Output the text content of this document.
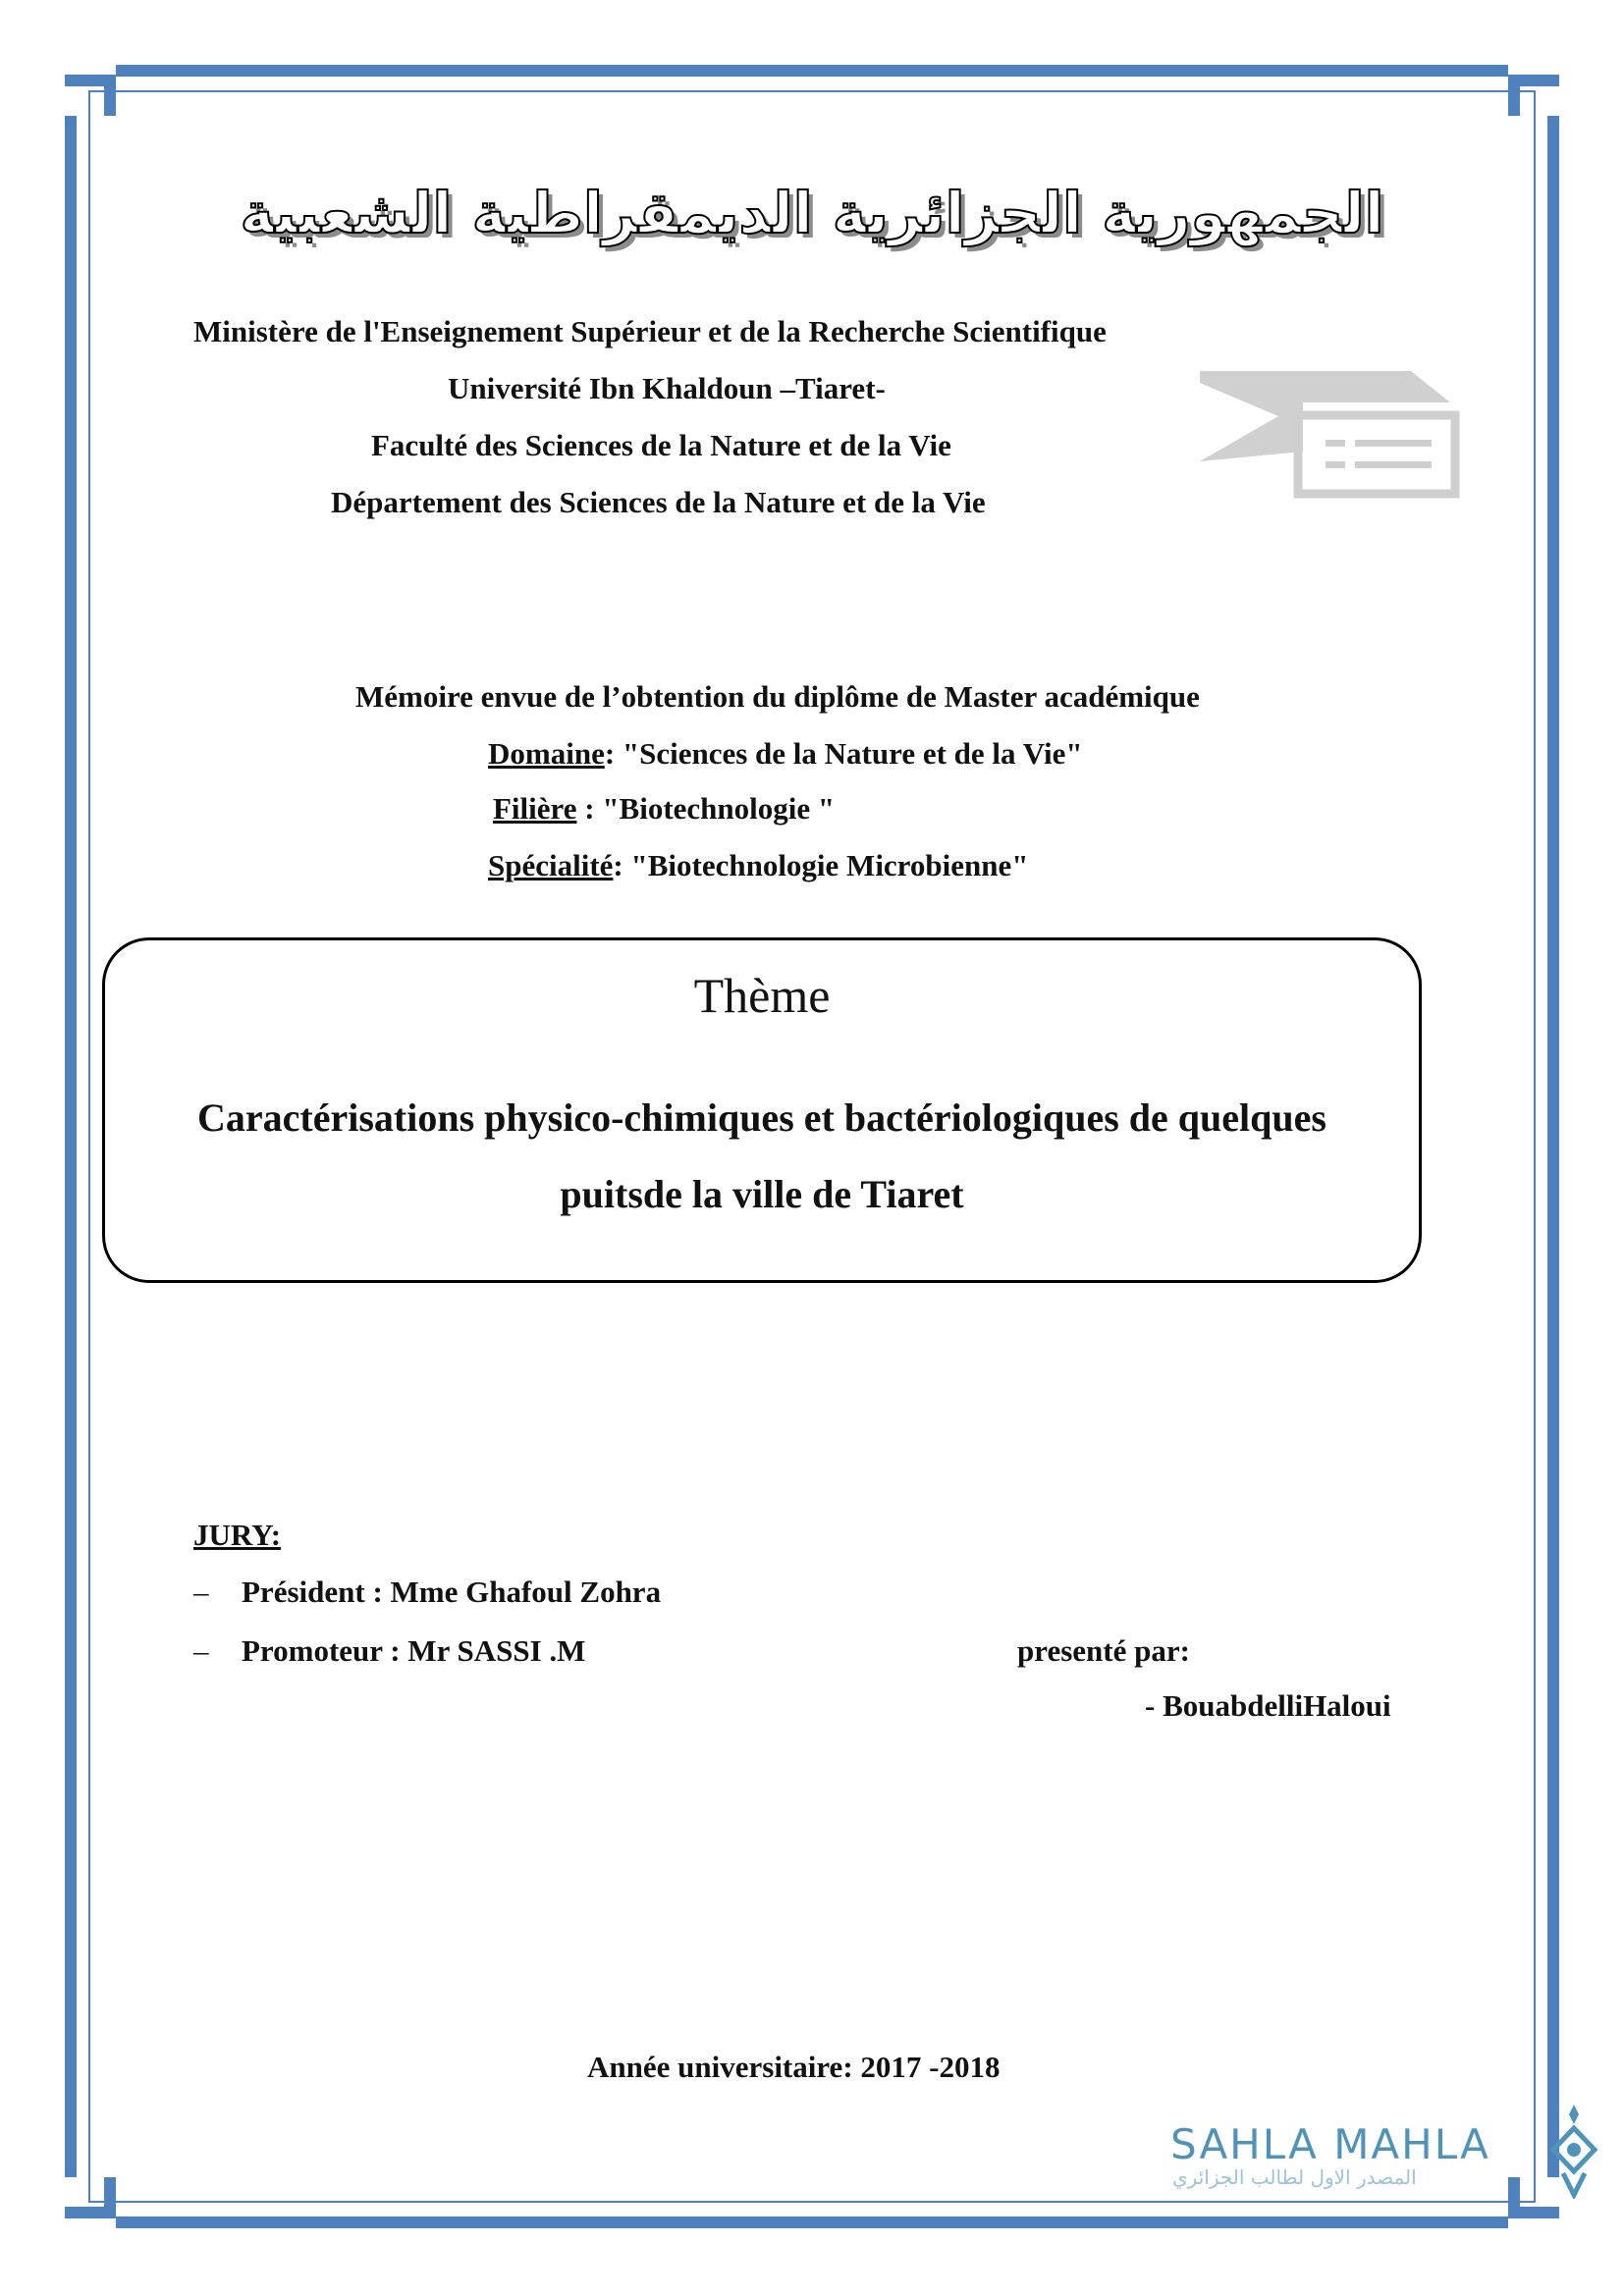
الجمهورية الجزائرية الديمقراطية الشعبية
Ministère de l'Enseignement Supérieur et de la Recherche Scientifique
Université Ibn Khaldoun –Tiaret-
Faculté des Sciences de la Nature et de la Vie
Département des Sciences de la Nature et de la Vie
Mémoire envue de l’obtention du diplôme de Master académique
Domaine: "Sciences de la Nature et de la Vie"
Filière : "Biotechnologie "
Spécialité: "Biotechnologie Microbienne"
Thème
Caractérisations physico-chimiques et bactériologiques de quelques
puitsde la ville de Tiaret
JURY:
– Président : Mme Ghafoul Zohra
– Promoteur : Mr SASSI .M	presenté par:
- BouabdelliHaloui
Année universitaire: 2017 -2018
SAHLA MAHLA
المصدر الاول لطالب الجزائري
